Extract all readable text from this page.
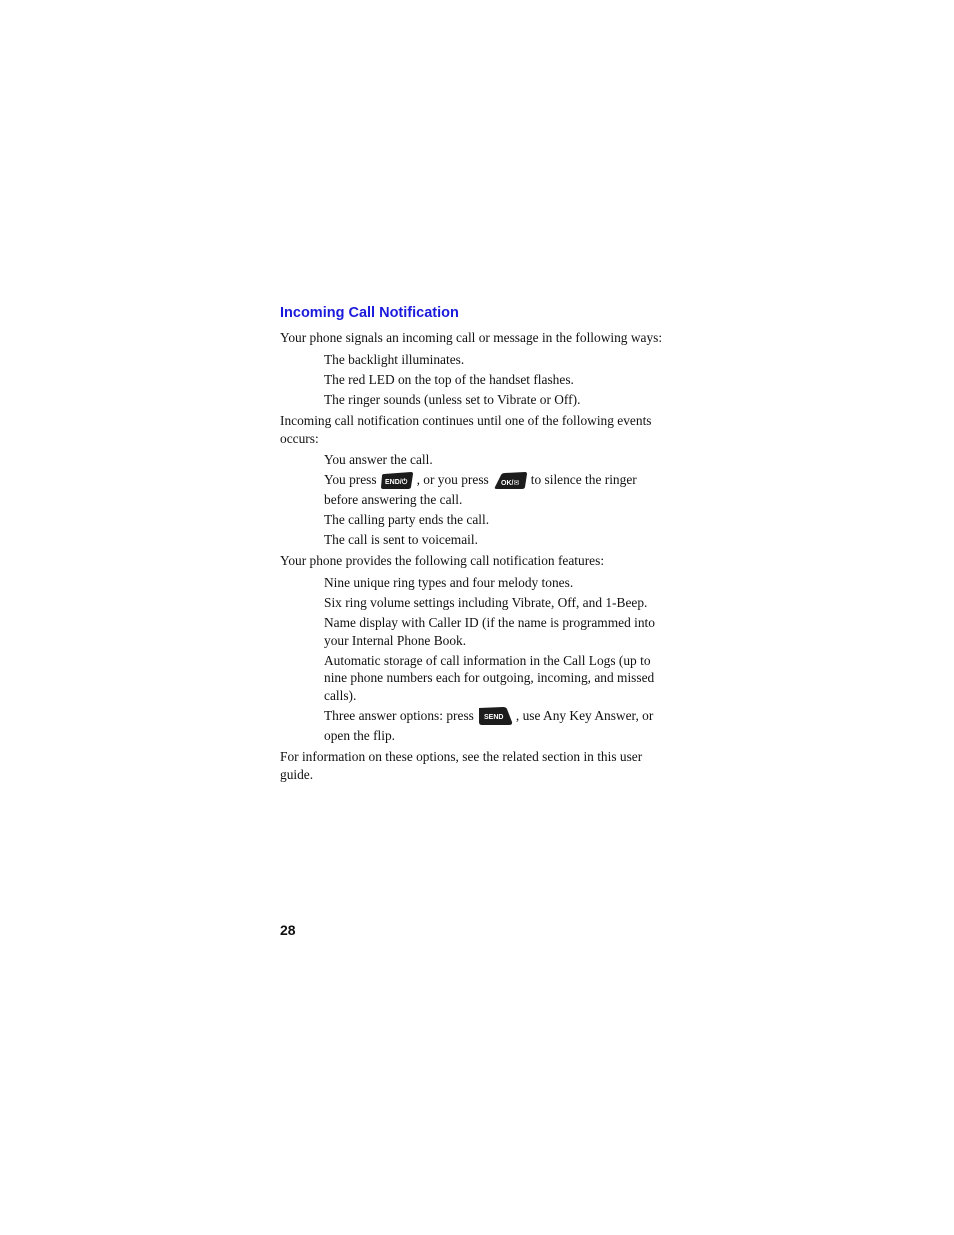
Incoming Call Notification

Your phone signals an incoming call or message in the following ways:

The backlight illuminates.
The red LED on the top of the handset flashes.
The ringer sounds (unless set to Vibrate or Off).

Incoming call notification continues until one of the following events occurs:

You answer the call.
You press END/⏻ , or you press OK/✉ to silence the ringer before answering the call.
The calling party ends the call.
The call is sent to voicemail.

Your phone provides the following call notification features:

Nine unique ring types and four melody tones.
Six ring volume settings including Vibrate, Off, and 1-Beep.
Name display with Caller ID (if the name is programmed into your Internal Phone Book.
Automatic storage of call information in the Call Logs (up to nine phone numbers each for outgoing, incoming, and missed calls).
Three answer options: press SEND , use Any Key Answer, or open the flip.

For information on these options, see the related section in this user guide.

28
